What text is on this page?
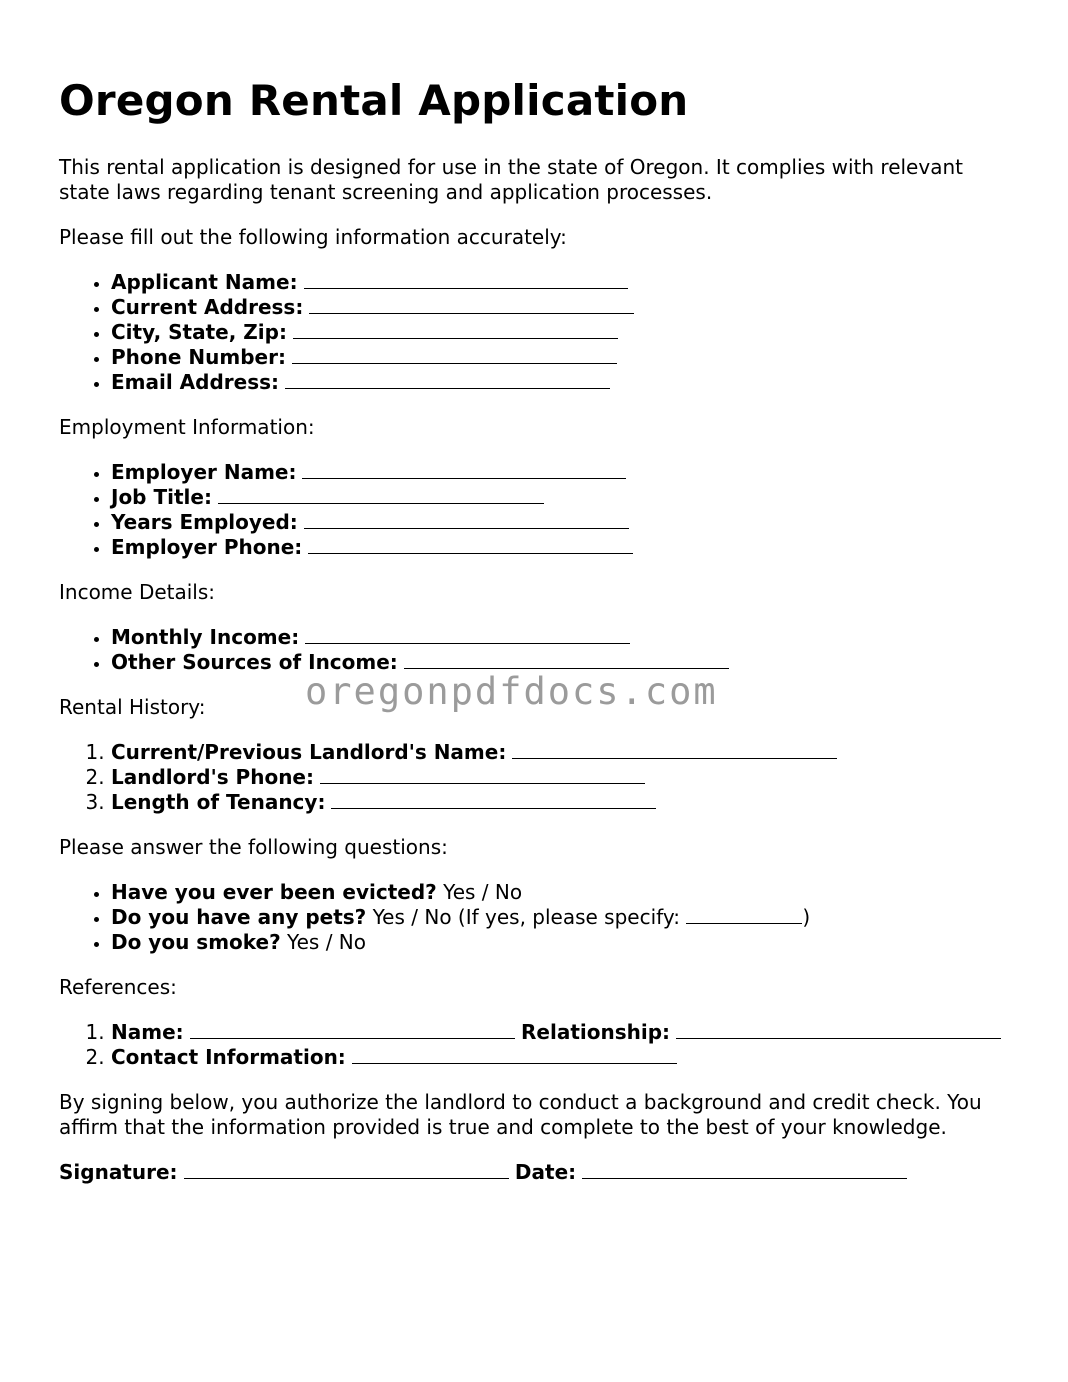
Oregon Rental Application

This rental application is designed for use in the state of Oregon. It complies with relevant state laws regarding tenant screening and application processes.

Please fill out the following information accurately:

• Applicant Name:
• Current Address:
• City, State, Zip:
• Phone Number:
• Email Address:

Employment Information:

• Employer Name:
• Job Title:
• Years Employed:
• Employer Phone:

Income Details:

• Monthly Income:
• Other Sources of Income:

Rental History:

1. Current/Previous Landlord's Name:
2. Landlord's Phone:
3. Length of Tenancy:

Please answer the following questions:

• Have you ever been evicted? Yes / No
• Do you have any pets? Yes / No (If yes, please specify:	)
• Do you smoke? Yes / No

References:

1. Name:	Relationship:
2. Contact Information:

By signing below, you authorize the landlord to conduct a background and credit check. You affirm that the information provided is true and complete to the best of your knowledge.

Signature:	Date:

oregonpdfdocs.com
